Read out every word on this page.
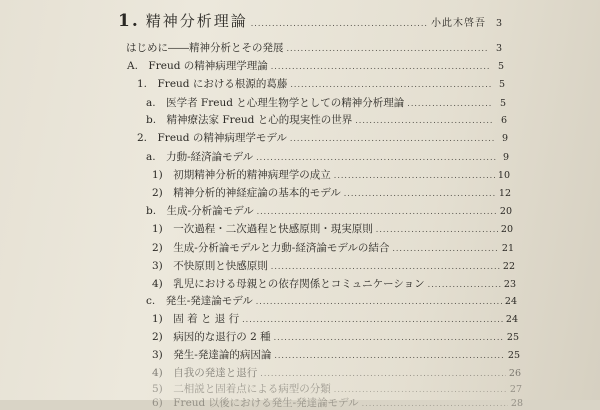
1. 精神分析理論 .....	小此木啓吾	3
はじめに――精神分析とその発展 .....	3
A.　Freud の精神病理学理論 .....	5
1.　Freud における根源的葛藤 .....	5
a.　医学者 Freud と心理生物学としての精神分析理論 .....	5
b.　精神療法家 Freud と心的現実性の世界 .....	6
2.　Freud の精神病理学モデル .....	9
a.　力動-経済論モデル .....	9
1)　初期精神分析的精神病理学の成立 .....	10
2)　精神分析的神経症論の基本的モデル .....	12
b.　生成-分析論モデル .....	20
1)　一次過程・二次過程と快感原則・現実原則 .....	20
2)　生成-分析論モデルと力動-経済論モデルの結合 .....	21
3)　不快原則と快感原則 .....	22
4)　乳児における母親との依存関係とコミュニケーション .....	23
c.　発生-発達論モデル .....	24
1)　固 着 と 退 行 .....	24
2)　病因的な退行の 2 種 .....	25
3)　発生-発達論的病因論 .....	25
4)　自我の発達と退行 .....	26
5)　二相説と固着点による病型の分類 .....	27
6)　Freud 以後における発生-発達論モデル .....	28
